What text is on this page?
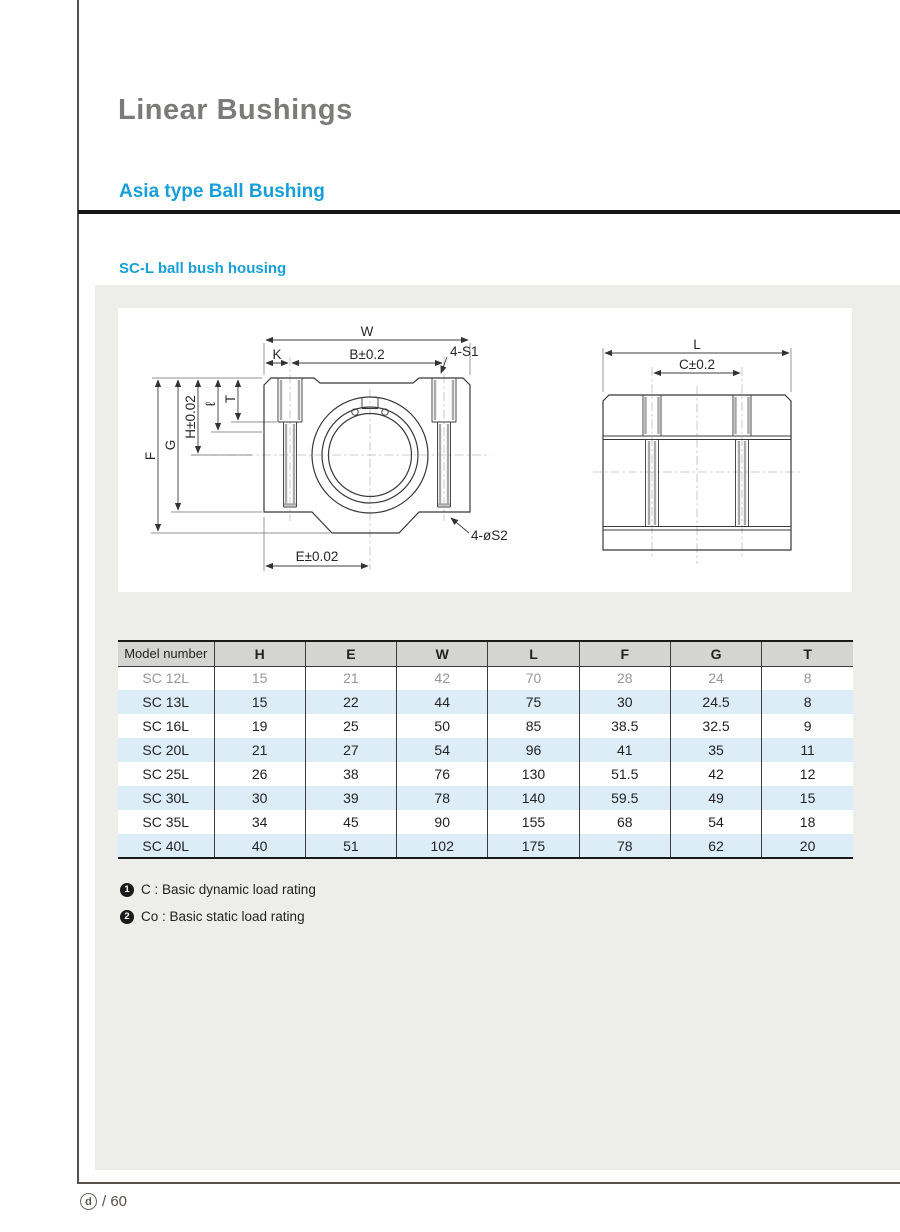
Linear Bushings
Asia type Ball Bushing
SC-L ball bush housing
W
K	B±0.2	4-S1
T
ℓ
H±0.02
G
F
E±0.02
4-øS2
L
C±0.2
Model number	H	E	W	L	F	G	T
SC 12L	15	21	42	70	28	24	8
SC 13L	15	22	44	75	30	24.5	8
SC 16L	19	25	50	85	38.5	32.5	9
SC 20L	21	27	54	96	41	35	11
SC 25L	26	38	76	130	51.5	42	12
SC 30L	30	39	78	140	59.5	49	15
SC 35L	34	45	90	155	68	54	18
SC 40L	40	51	102	175	78	62	20
1 C : Basic dynamic load rating
2 Co : Basic static load rating
d / 60
